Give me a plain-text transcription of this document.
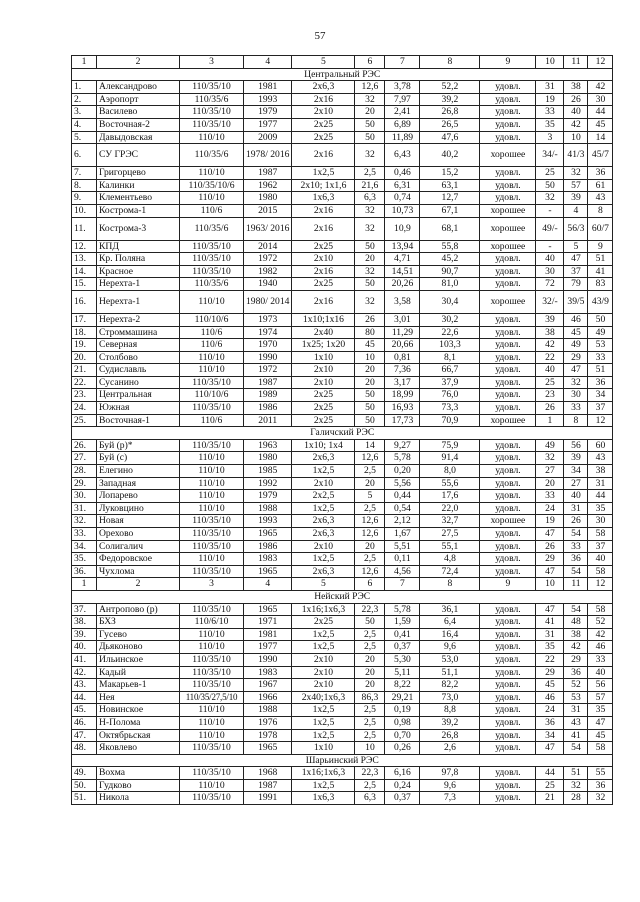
57
1	2	3	4	5	6	7	8	9	10	11	12
Центральный РЭС											
1.	Александрово	110/35/10	1981	2x6,3	12,6	3,78	52,2	удовл.	31	38	42
2.	Аэропорт	110/35/6	1993	2x16	32	7,97	39,2	удовл.	19	26	30
3.	Василево	110/35/10	1979	2x10	20	2,41	26,8	удовл.	33	40	44
4.	Восточная-2	110/35/10	1977	2x25	50	6,89	26,5	удовл.	35	42	45
5.	Давыдовская	110/10	2009	2x25	50	11,89	47,6	удовл.	3	10	14
6.	СУ ГРЭС	110/35/6	1978/ 2016	2x16	32	6,43	40,2	хорошее	34/-	41/3	45/7
7.	Григорцево	110/10	1987	1x2,5	2,5	0,46	15,2	удовл.	25	32	36
8.	Калинки	110/35/10/6	1962	2x10; 1x1,6	21,6	6,31	63,1	удовл.	50	57	61
9.	Клементьево	110/10	1980	1x6,3	6,3	0,74	12,7	удовл.	32	39	43
10.	Кострома-1	110/6	2015	2x16	32	10,73	67,1	хорошее	-	4	8
11.	Кострома-3	110/35/6	1963/ 2016	2x16	32	10,9	68,1	хорошее	49/-	56/3	60/7
12.	КПД	110/35/10	2014	2x25	50	13,94	55,8	хорошее	-	5	9
13.	Кр. Поляна	110/35/10	1972	2x10	20	4,71	45,2	удовл.	40	47	51
14.	Красное	110/35/10	1982	2x16	32	14,51	90,7	удовл.	30	37	41
15.	Нерехта-1	110/35/6	1940	2x25	50	20,26	81,0	удовл.	72	79	83
16.	Нерехта-1	110/10	1980/ 2014	2x16	32	3,58	30,4	хорошее	32/-	39/5	43/9
17.	Нерехта-2	110/10/6	1973	1x10;1x16	26	3,01	30,2	удовл.	39	46	50
18.	Строммашина	110/6	1974	2x40	80	11,29	22,6	удовл.	38	45	49
19.	Северная	110/6	1970	1x25; 1x20	45	20,66	103,3	удовл.	42	49	53
20.	Столбово	110/10	1990	1x10	10	0,81	8,1	удовл.	22	29	33
21.	Судиславль	110/10	1972	2x10	20	7,36	66,7	удовл.	40	47	51
22.	Сусанино	110/35/10	1987	2x10	20	3,17	37,9	удовл.	25	32	36
23.	Центральная	110/10/6	1989	2x25	50	18,99	76,0	удовл.	23	30	34
24.	Южная	110/35/10	1986	2x25	50	16,93	73,3	удовл.	26	33	37
25.	Восточная-1	110/6	2011	2x25	50	17,73	70,9	хорошее	1	8	12
Галичский РЭС											
26.	Буй (р)*	110/35/10	1963	1x10; 1x4	14	9,27	75,9	удовл.	49	56	60
27.	Буй (с)	110/10	1980	2x6,3	12,6	5,78	91,4	удовл.	32	39	43
28.	Елегино	110/10	1985	1x2,5	2,5	0,20	8,0	удовл.	27	34	38
29.	Западная	110/10	1992	2x10	20	5,56	55,6	удовл.	20	27	31
30.	Лопарево	110/10	1979	2x2,5	5	0,44	17,6	удовл.	33	40	44
31.	Луковцино	110/10	1988	1x2,5	2,5	0,54	22,0	удовл.	24	31	35
32.	Новая	110/35/10	1993	2x6,3	12,6	2,12	32,7	хорошее	19	26	30
33.	Орехово	110/35/10	1965	2x6,3	12,6	1,67	27,5	удовл.	47	54	58
34.	Солигалич	110/35/10	1986	2x10	20	5,51	55,1	удовл.	26	33	37
35.	Федоровское	110/10	1983	1x2,5	2,5	0,11	4,8	удовл.	29	36	40
36.	Чухлома	110/35/10	1965	2x6,3	12,6	4,56	72,4	удовл.	47	54	58
1	2	3	4	5	6	7	8	9	10	11	12
Нейский РЭС											
37.	Антропово (р)	110/35/10	1965	1x16;1x6,3	22,3	5,78	36,1	удовл.	47	54	58
38.	БХЗ	110/6/10	1971	2x25	50	1,59	6,4	удовл.	41	48	52
39.	Гусево	110/10	1981	1x2,5	2,5	0,41	16,4	удовл.	31	38	42
40.	Дьяконово	110/10	1977	1x2,5	2,5	0,37	9,6	удовл.	35	42	46
41.	Ильинское	110/35/10	1990	2x10	20	5,30	53,0	удовл.	22	29	33
42.	Кадый	110/35/10	1983	2x10	20	5,11	51,1	удовл.	29	36	40
43.	Макарьев-1	110/35/10	1967	2x10	20	8,22	82,2	удовл.	45	52	56
44.	Нея	110/35/27,5/10	1966	2x40;1x6,3	86,3	29,21	73,0	удовл.	46	53	57
45.	Новинское	110/10	1988	1x2,5	2,5	0,19	8,8	удовл.	24	31	35
46.	Н-Полома	110/10	1976	1x2,5	2,5	0,98	39,2	удовл.	36	43	47
47.	Октябрьская	110/10	1978	1x2,5	2,5	0,70	26,8	удовл.	34	41	45
48.	Яковлево	110/35/10	1965	1x10	10	0,26	2,6	удовл.	47	54	58
Шарьинский РЭС											
49.	Вохма	110/35/10	1968	1x16;1x6,3	22,3	6,16	97,8	удовл.	44	51	55
50.	Гудково	110/10	1987	1x2,5	2,5	0,24	9,6	удовл.	25	32	36
51.	Никола	110/35/10	1991	1x6,3	6,3	0,37	7,3	удовл.	21	28	32
